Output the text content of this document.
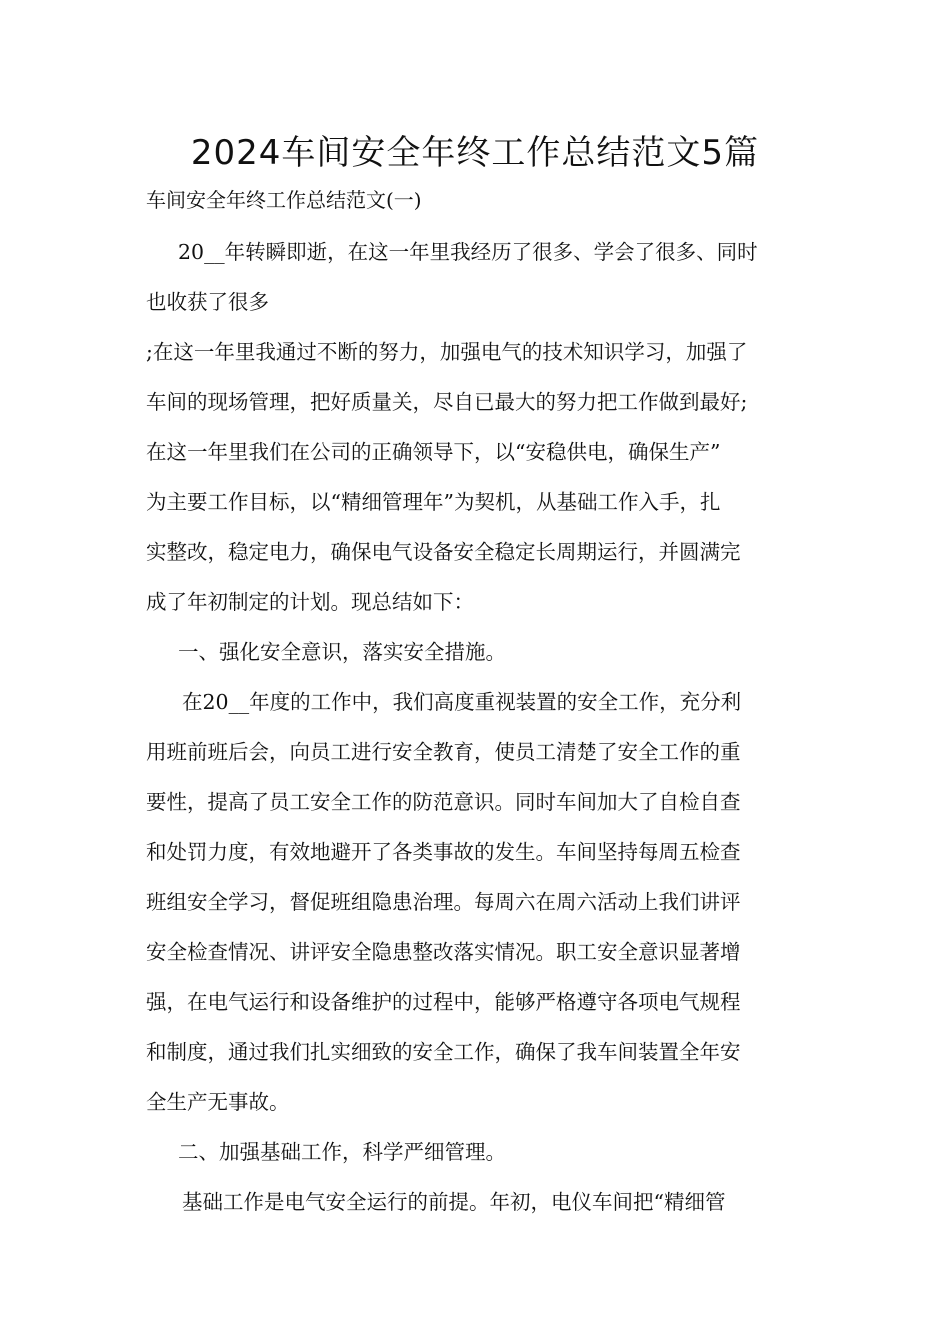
2024车间安全年终工作总结范文5篇
车间安全年终工作总结范文(一)
20__年转瞬即逝，在这一年里我经历了很多、学会了很多、同时
也收获了很多
;在这一年里我通过不断的努力，加强电气的技术知识学习，加强了
车间的现场管理，把好质量关，尽自已最大的努力把工作做到最好;
在这一年里我们在公司的正确领导下，以“安稳供电，确保生产”
为主要工作目标，以“精细管理年”为契机，从基础工作入手，扎
实整改，稳定电力，确保电气设备安全稳定长周期运行，并圆满完
成了年初制定的计划。现总结如下：
一、强化安全意识，落实安全措施。
在20__年度的工作中，我们高度重视装置的安全工作，充分利
用班前班后会，向员工进行安全教育，使员工清楚了安全工作的重
要性，提高了员工安全工作的防范意识。同时车间加大了自检自查
和处罚力度，有效地避开了各类事故的发生。车间坚持每周五检查
班组安全学习，督促班组隐患治理。每周六在周六活动上我们讲评
安全检查情况、讲评安全隐患整改落实情况。职工安全意识显著增
强，在电气运行和设备维护的过程中，能够严格遵守各项电气规程
和制度，通过我们扎实细致的安全工作，确保了我车间装置全年安
全生产无事故。
二、加强基础工作，科学严细管理。
基础工作是电气安全运行的前提。年初，电仪车间把“精细管
